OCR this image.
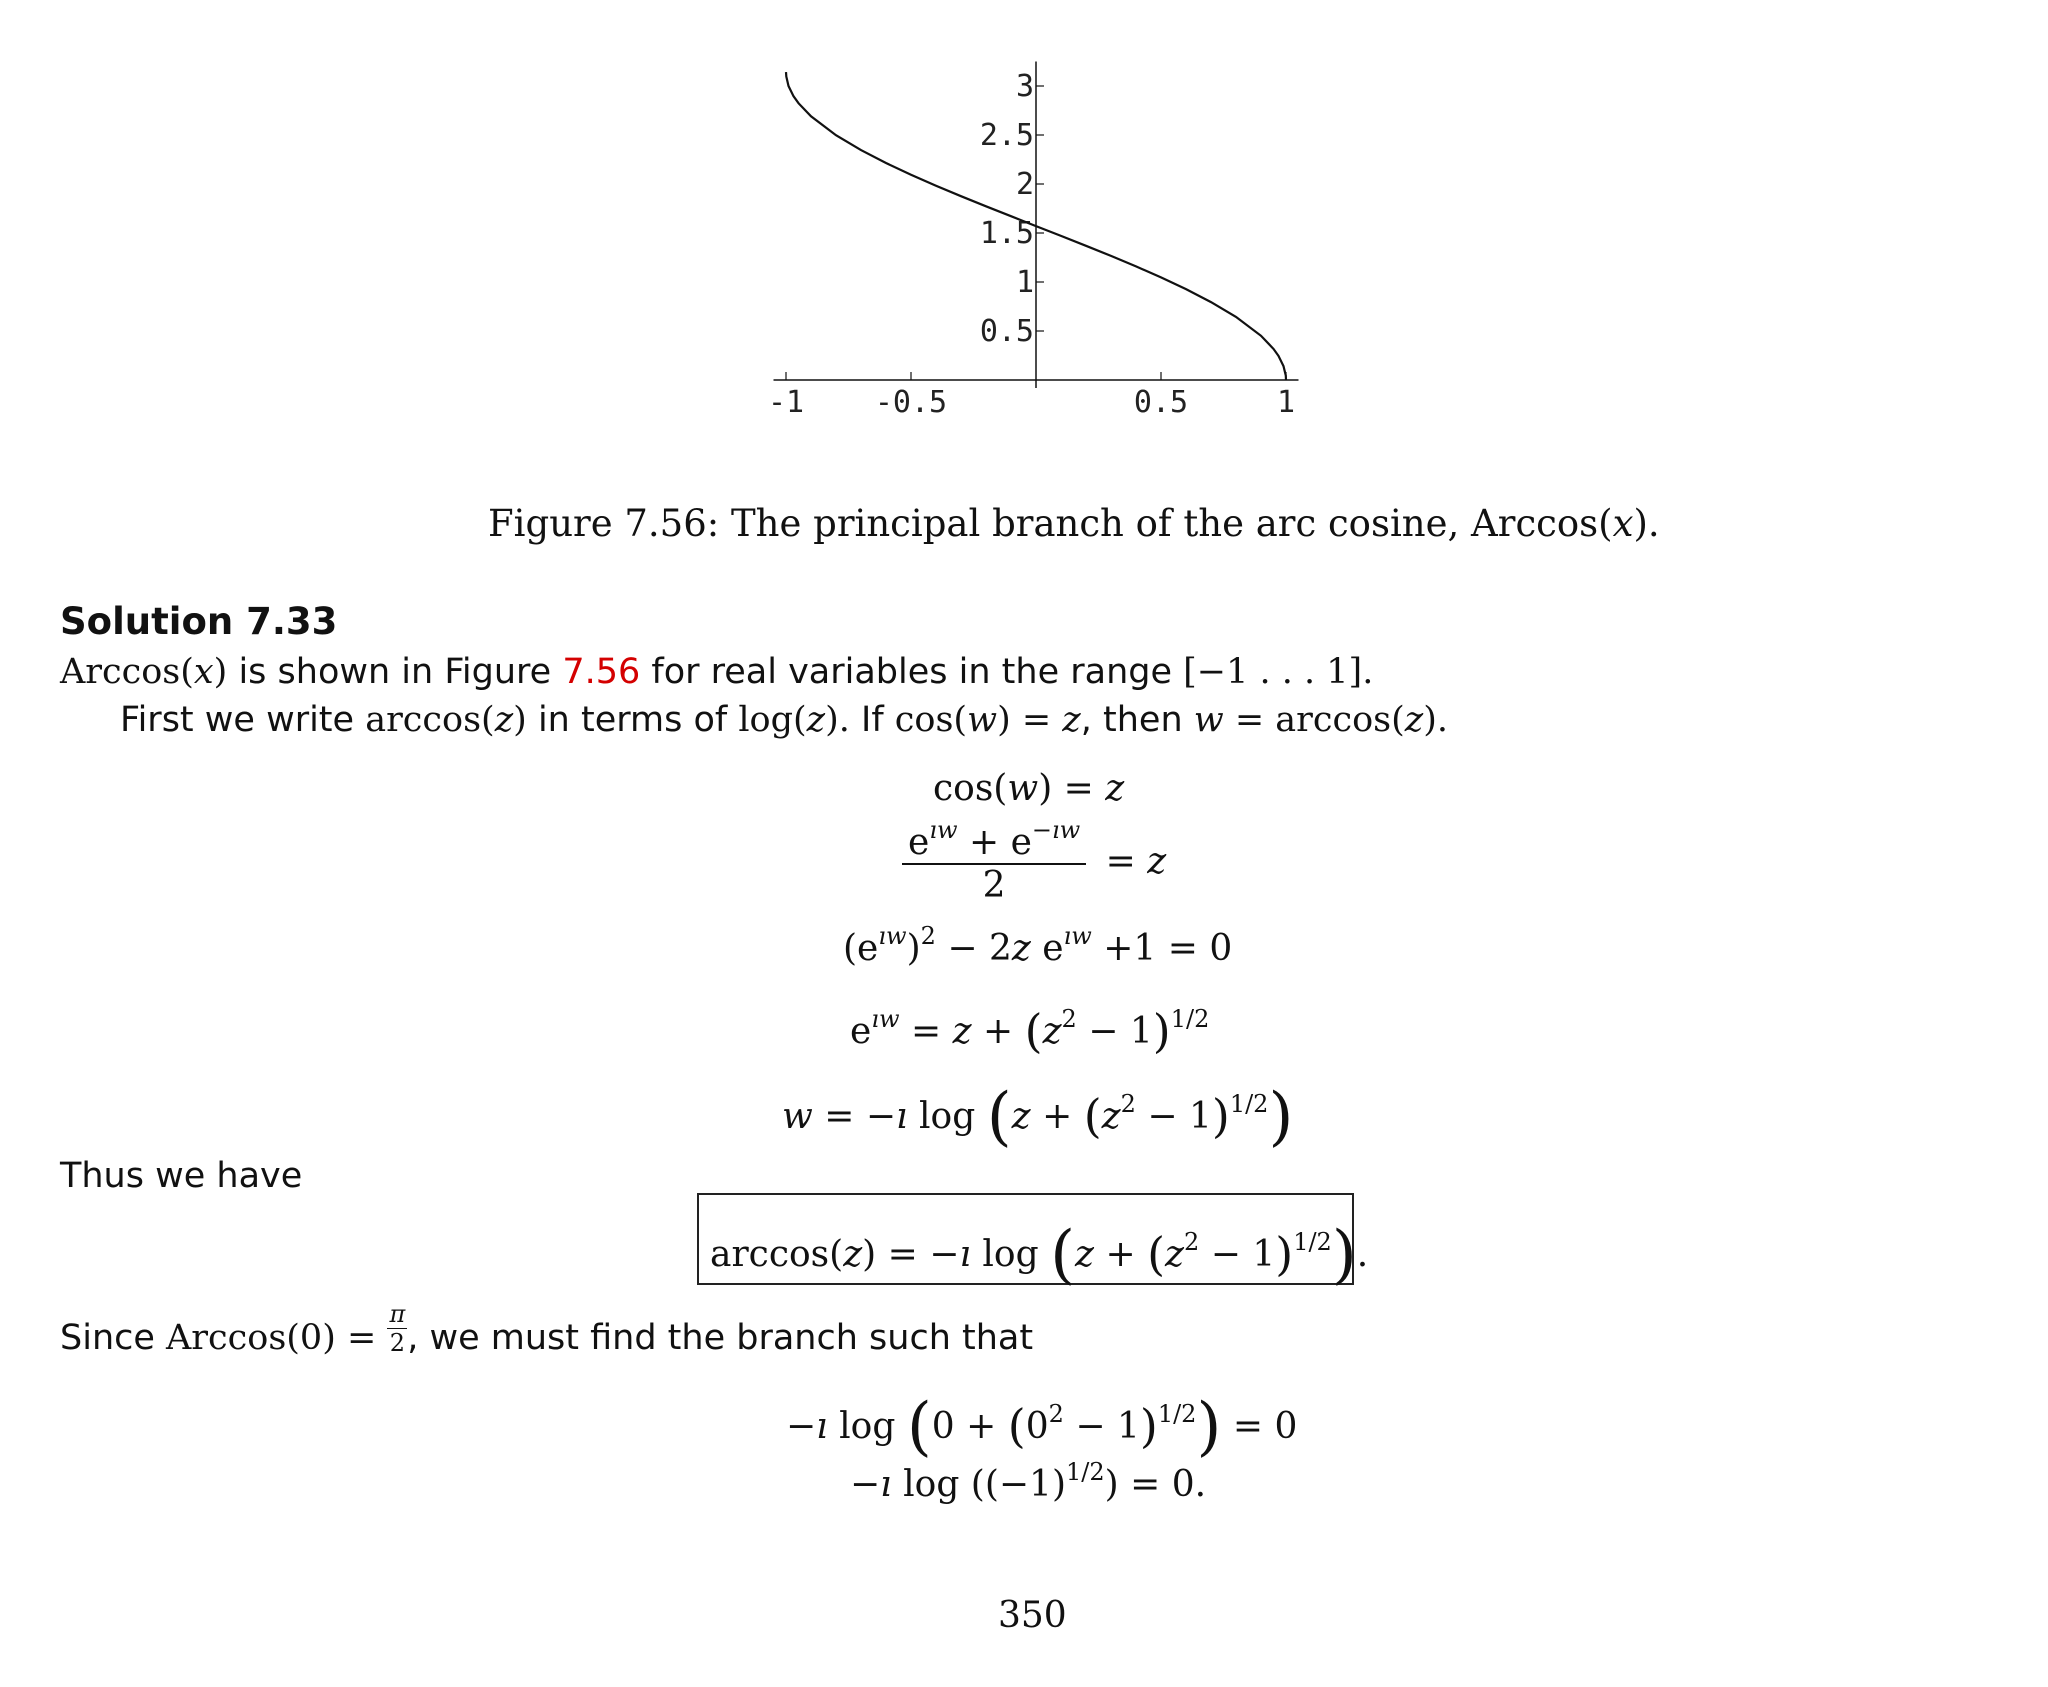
-1 -0.5	0.5	1
0.5
1
1.5
2
2.5
3
Figure 7.56: The principal branch of the arc cosine, Arccos(x).
Solution 7.33
Arccos(x) is shown in Figure 7.56 for real variables in the range [−1 . . . 1].
First we write arccos(z) in terms of log(z). If cos(w) = z, then w = arccos(z).
cos(w) = z
$\frac{e^{ıw} + e^{-ıw}}{2} = z$
$(e^{ıw})^2 - 2z$ $e^{ıw} +1 = 0$
$e^{ıw} = z + (z^2 - 1)^{1/2}$
w = −ı $\log (z + (z^2 - 1)^{1/2})$
Thus we have
arccos(z) = −ı $\log (z + (z^2 - 1)^{1/2})$.
Since $Arccos(0) = \frac{\pi}{2}$ , we must find the branch such that
−ı $\log (0 + (0^2 - 1)^{1/2}) = 0$
−ı $\log ((-1)^{1/2}) = 0$.
350
